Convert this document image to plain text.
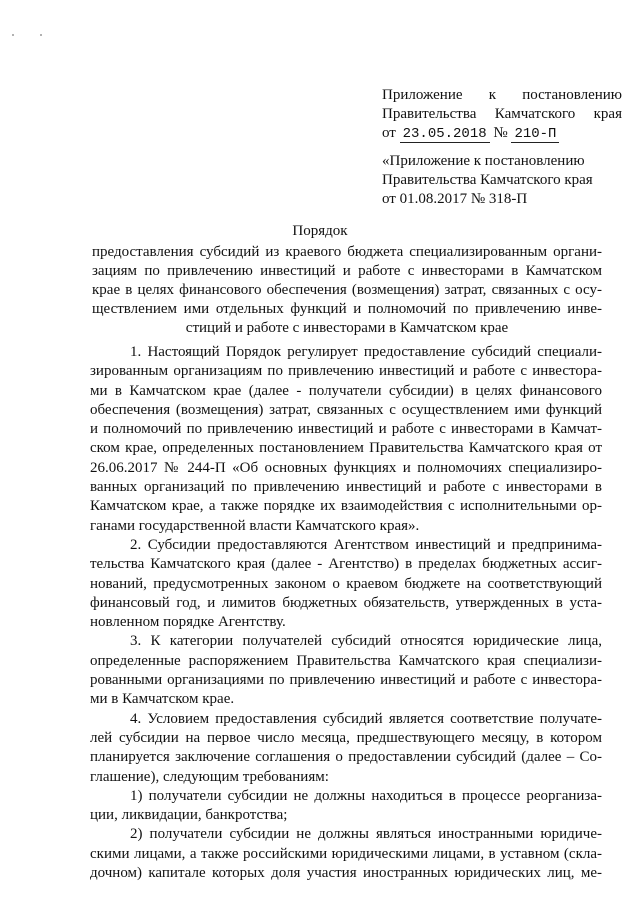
Приложение к постановлению
Правительства Камчатского края
от 23.05.2018 № 210-П
«Приложение к постановлению
Правительства Камчатского края
от 01.08.2017 № 318-П
Порядок
предоставления субсидий из краевого бюджета специализированным органи-
зациям по привлечению инвестиций и работе с инвесторами в Камчатском
крае в целях финансового обеспечения (возмещения) затрат, связанных с осу-
ществлением ими отдельных функций и полномочий по привлечению инве-
стиций и работе с инвесторами в Камчатском крае
1. Настоящий Порядок регулирует предоставление субсидий специали-
зированным организациям по привлечению инвестиций и работе с инвестора-
ми в Камчатском крае (далее - получатели субсидии) в целях финансового
обеспечения (возмещения) затрат, связанных с осуществлением ими функций
и полномочий по привлечению инвестиций и работе с инвесторами в Камчат-
ском крае, определенных постановлением Правительства Камчатского края от
26.06.2017 № 244-П «Об основных функциях и полномочиях специализиро-
ванных организаций по привлечению инвестиций и работе с инвесторами в
Камчатском крае, а также порядке их взаимодействия с исполнительными ор-
ганами государственной власти Камчатского края».
2. Субсидии предоставляются Агентством инвестиций и предпринима-
тельства Камчатского края (далее - Агентство) в пределах бюджетных ассиг-
нований, предусмотренных законом о краевом бюджете на соответствующий
финансовый год, и лимитов бюджетных обязательств, утвержденных в уста-
новленном порядке Агентству.
3. К категории получателей субсидий относятся юридические лица,
определенные распоряжением Правительства Камчатского края специализи-
рованными организациями по привлечению инвестиций и работе с инвестора-
ми в Камчатском крае.
4. Условием предоставления субсидий является соответствие получате-
лей субсидии на первое число месяца, предшествующего месяцу, в котором
планируется заключение соглашения о предоставлении субсидий (далее – Со-
глашение), следующим требованиям:
1) получатели субсидии не должны находиться в процессе реорганиза-
ции, ликвидации, банкротства;
2) получатели субсидии не должны являться иностранными юридиче-
скими лицами, а также российскими юридическими лицами, в уставном (скла-
дочном) капитале которых доля участия иностранных юридических лиц, ме-
